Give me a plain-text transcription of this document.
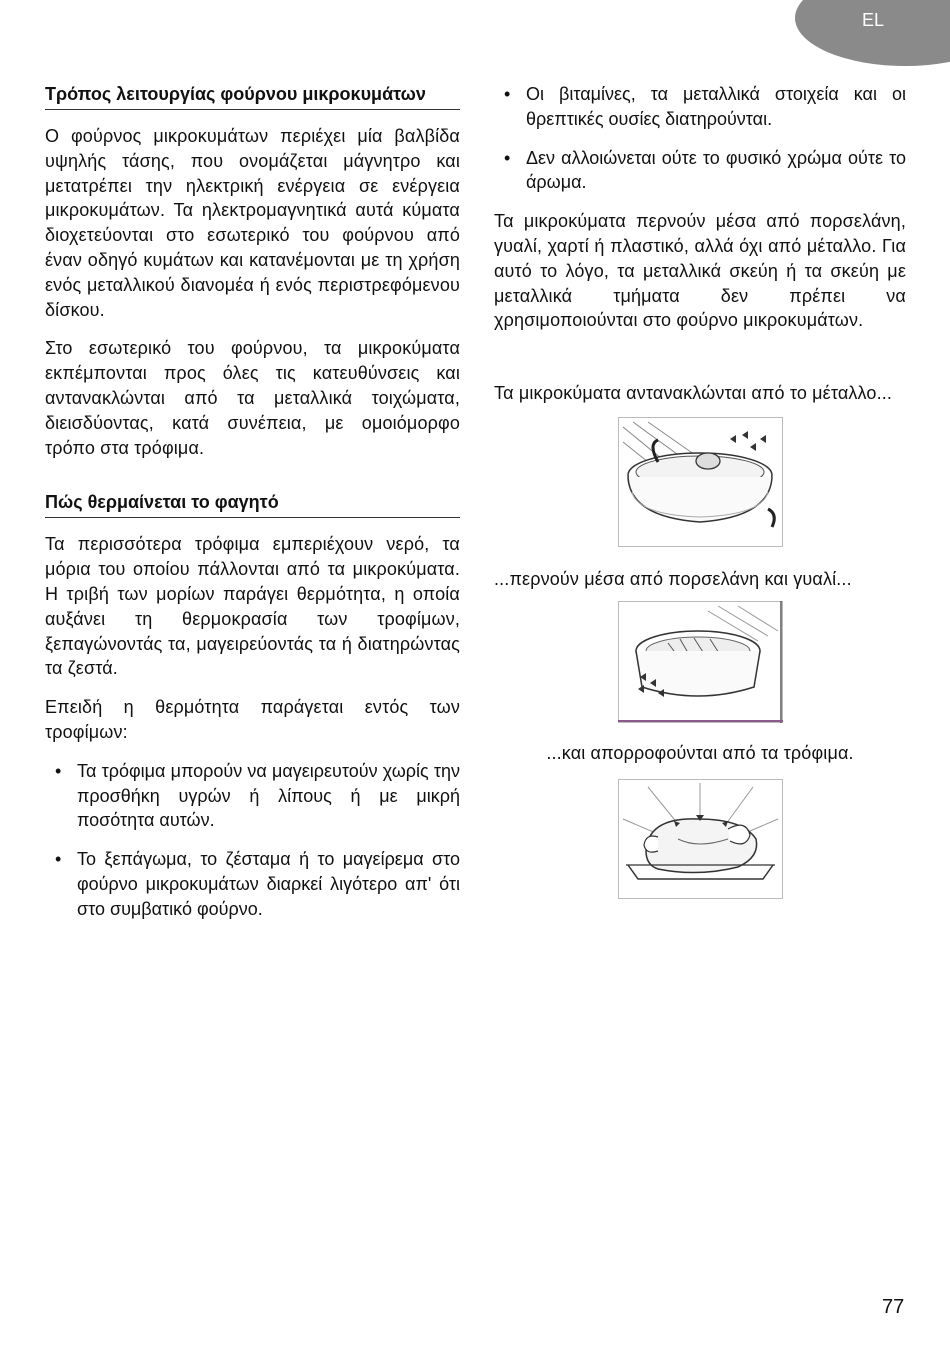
EL
Τρόπος λειτουργίας φούρνου μικροκυμάτων

Ο φούρνος μικροκυμάτων περιέχει μία βαλβίδα υψηλής τάσης, που ονομάζεται μάγνητρο και μετατρέπει την ηλεκτρική ενέργεια σε ενέργεια μικροκυμάτων. Τα ηλεκτρομαγνητικά αυτά κύματα διοχετεύονται στο εσωτερικό του φούρνου από έναν οδηγό κυμάτων και κατανέμονται με τη χρήση ενός μεταλλικού διανομέα ή ενός περιστρεφόμενου δίσκου.

Στο εσωτερικό του φούρνου, τα μικροκύματα εκπέμπονται προς όλες τις κατευθύνσεις και αντανακλώνται από τα μεταλλικά τοιχώματα, διεισδύοντας, κατά συνέπεια, με ομοιόμορφο τρόπο στα τρόφιμα.

Πώς θερμαίνεται το φαγητό

Τα περισσότερα τρόφιμα εμπεριέχουν νερό, τα μόρια του οποίου πάλλονται από τα μικροκύματα. Η τριβή των μορίων παράγει θερμότητα, η οποία αυξάνει τη θερμοκρασία των τροφίμων, ξεπαγώνοντάς τα, μαγειρεύοντάς τα ή διατηρώντας τα ζεστά.

Επειδή η θερμότητα παράγεται εντός των τροφίμων:

• Τα τρόφιμα μπορούν να μαγειρευτούν χωρίς την προσθήκη υγρών ή λίπους ή με μικρή ποσότητα αυτών.
• Το ξεπάγωμα, το ζέσταμα ή το μαγείρεμα στο φούρνο μικροκυμάτων διαρκεί λιγότερο απ' ότι στο συμβατικό φούρνο.
• Οι βιταμίνες, τα μεταλλικά στοιχεία και οι θρεπτικές ουσίες διατηρούνται.
• Δεν αλλοιώνεται ούτε το φυσικό χρώμα ούτε το άρωμα.

Τα μικροκύματα περνούν μέσα από πορσελάνη, γυαλί, χαρτί ή πλαστικό, αλλά όχι από μέταλλο. Για αυτό το λόγο, τα μεταλλικά σκεύη ή τα σκεύη με μεταλλικά τμήματα δεν πρέπει να χρησιμοποιούνται στο φούρνο μικροκυμάτων.

Τα μικροκύματα αντανακλώνται από το μέταλλο...

...περνούν μέσα από πορσελάνη και γυαλί...

...και απορροφούνται από τα τρόφιμα.

77
